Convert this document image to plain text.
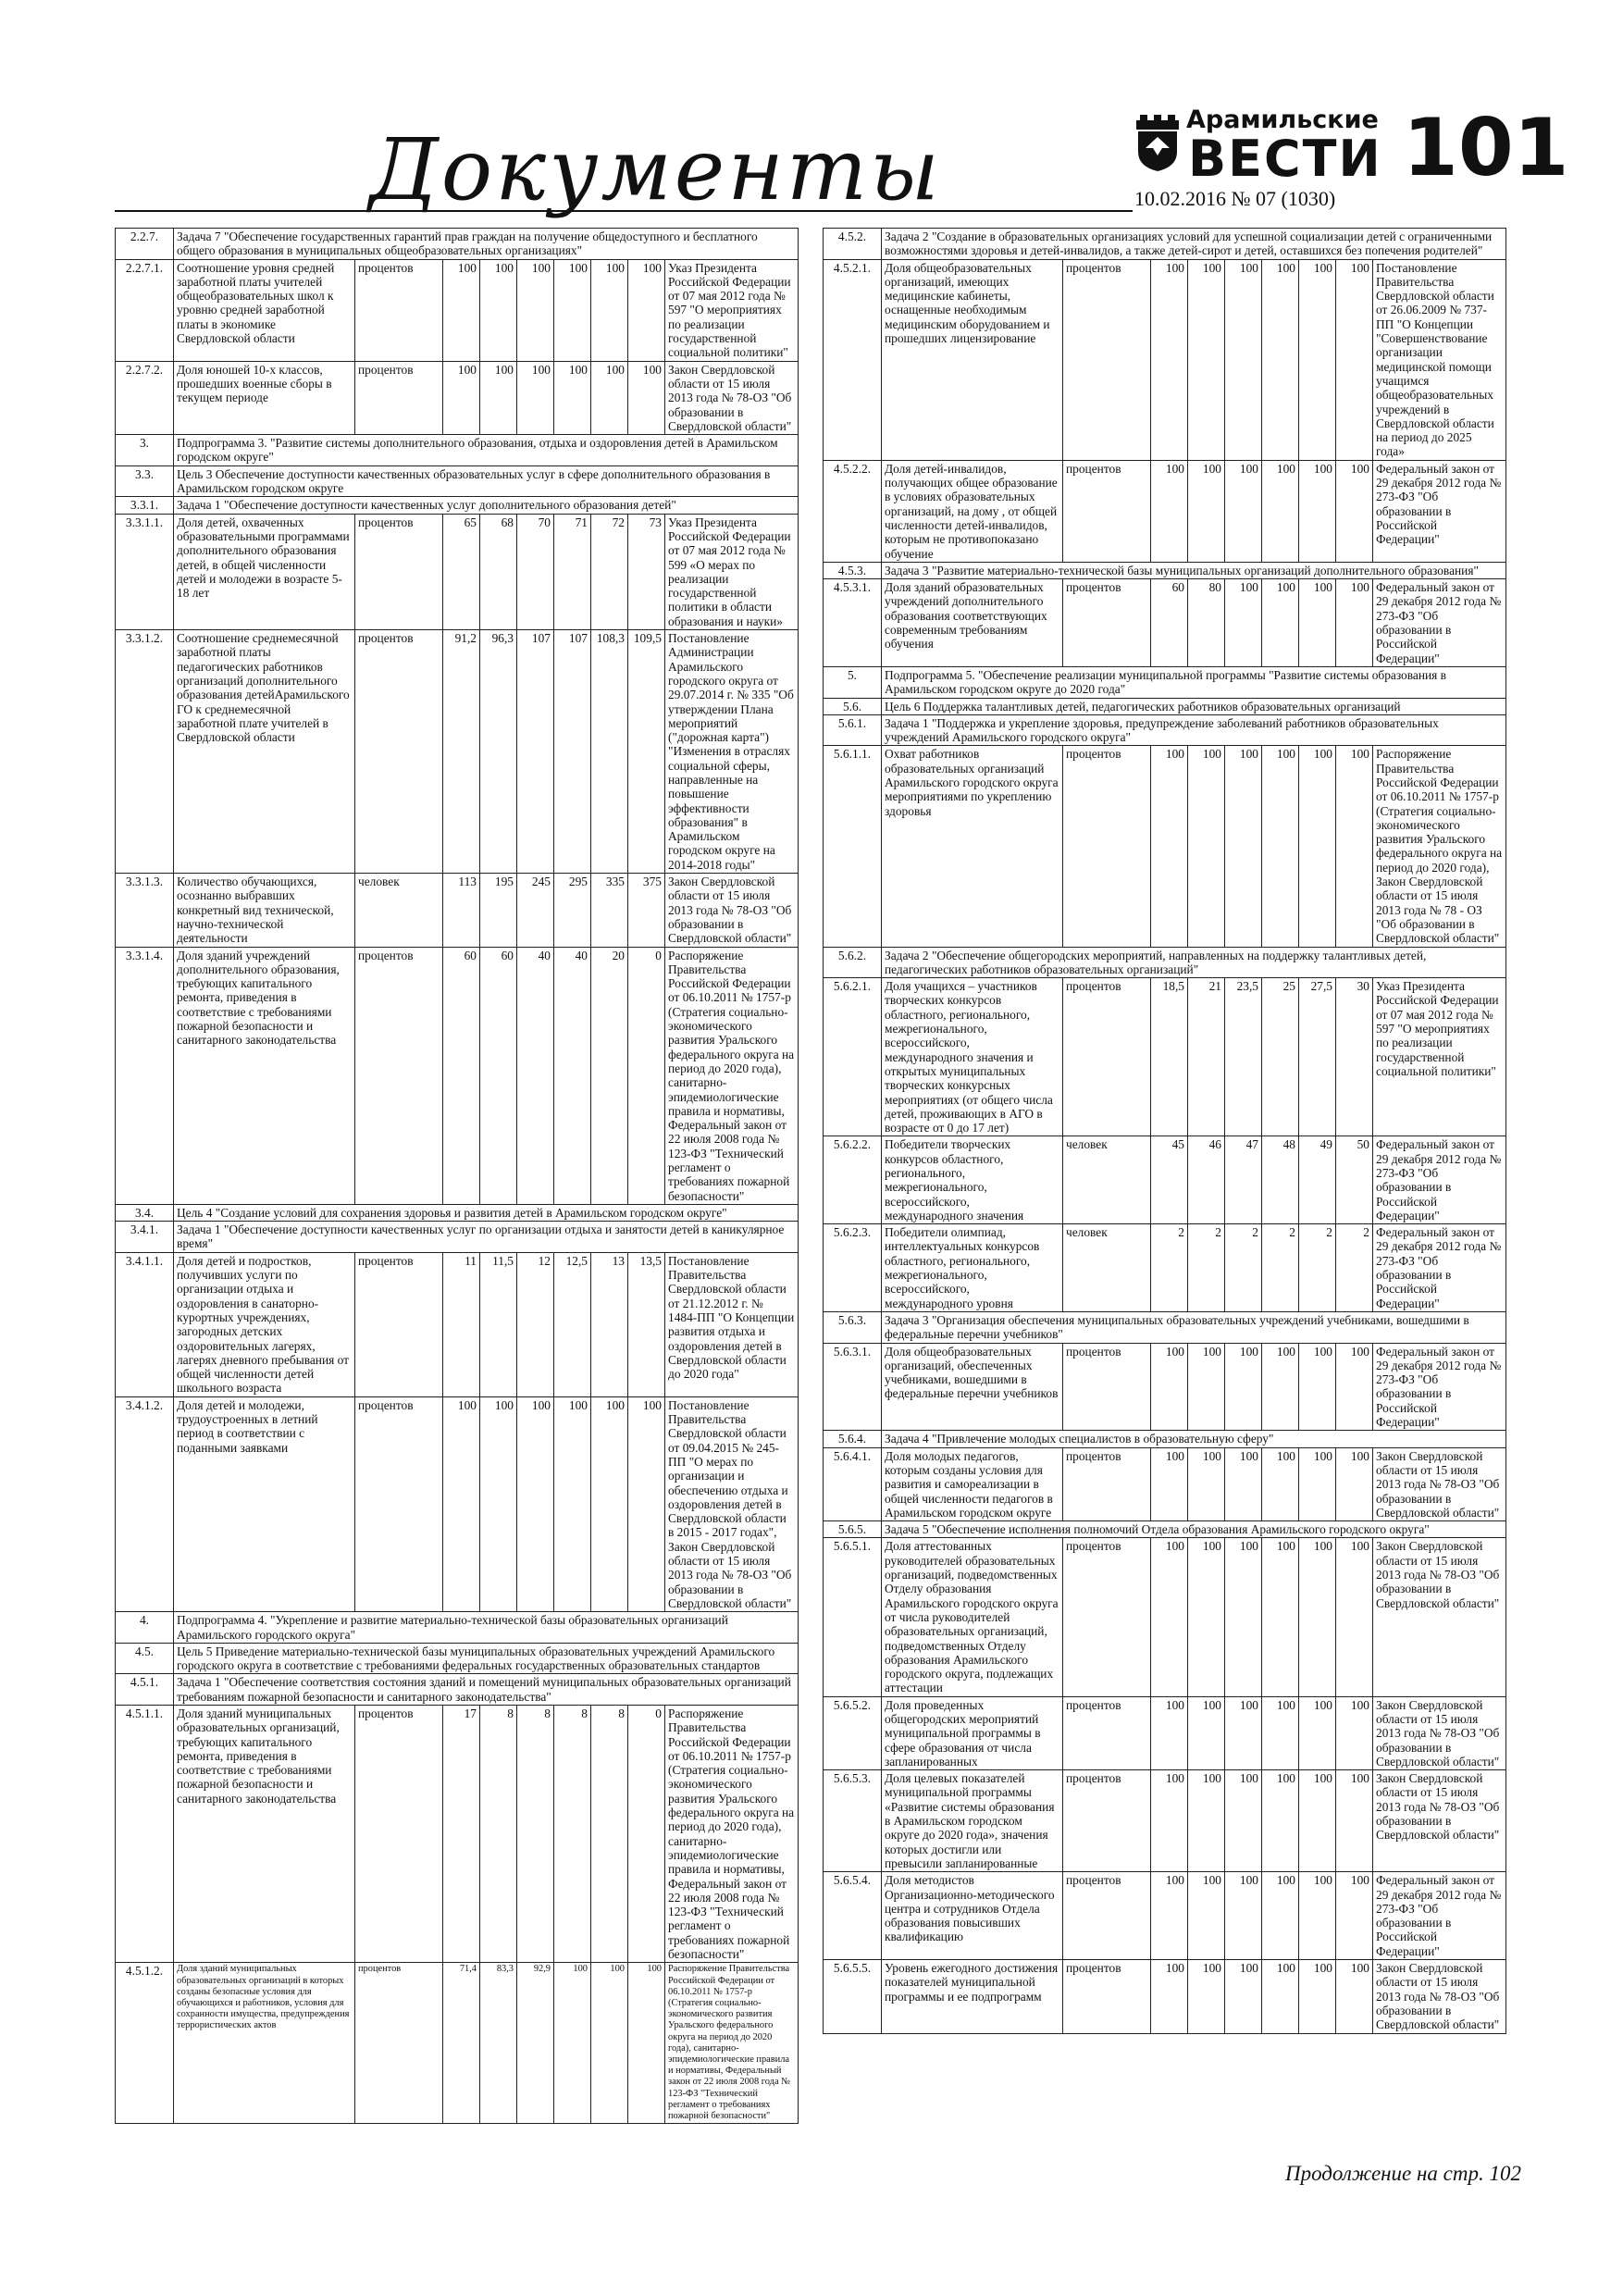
Документы
Арамильские
ВЕСТИ 101
10.02.2016 № 07 (1030)
2.2.7.	Задача 7 "Обеспечение государственных гарантий прав граждан на получение общедоступного и бесплатного общего образования в муниципальных общеобразовательных организациях"								
2.2.7.1.	Соотношение уровня средней заработной платы учителей общеобразовательных школ к уровню средней заработной платы в экономике Свердловской области	процентов	100	100	100	100	100	100	Указ Президента Российской Федерации от 07 мая 2012 года № 597 "О мероприятиях по реализации государственной социальной политики"
2.2.7.2.	Доля юношей 10-х классов, прошедших военные сборы в текущем периоде	процентов	100	100	100	100	100	100	Закон Свердловской области от 15 июля 2013 года № 78-ОЗ "Об образовании в Свердловской области"
3.	Подпрограмма 3. "Развитие системы дополнительного образования, отдыха и оздоровления детей в Арамильском городском округе"								
3.3.	Цель 3 Обеспечение доступности качественных образовательных услуг в сфере дополнительного образования в Арамильском городском округе								
3.3.1.	Задача 1 "Обеспечение доступности качественных услуг дополнительного образования детей"								
3.3.1.1.	Доля детей, охваченных образовательными программами дополнительного образования детей, в общей численности детей и молодежи в возрасте 5-18 лет	процентов	65	68	70	71	72	73	Указ Президента Российской Федерации от 07 мая 2012 года № 599 «О мерах по реализации государственной политики в области образования и науки»
3.3.1.2.	Соотношение среднемесячной заработной платы педагогических работников организаций дополнительного образования детейАрамильского ГО к среднемесячной заработной плате учителей в Свердловской области	процентов	91,2	96,3	107	107	108,3	109,5	Постановление Администрации Арамильского городского округа от 29.07.2014 г. № 335 "Об утверждении Плана мероприятий ("дорожная карта") "Изменения в отраслях социальной сферы, направленные на повышение эффективности образования" в Арамильском городском округе на 2014-2018 годы"
3.3.1.3.	Количество обучающихся, осознанно выбравших конкретный вид технической, научно-технической деятельности	человек	113	195	245	295	335	375	Закон Свердловской области от 15 июля 2013 года № 78-ОЗ "Об образовании в Свердловской области"
3.3.1.4.	Доля зданий учреждений дополнительного образования, требующих капитального ремонта, приведения в соответствие с требованиями пожарной безопасности и санитарного законодательства	процентов	60	60	40	40	20	0	Распоряжение Правительства Российской Федерации от 06.10.2011 № 1757-р (Стратегия социально-экономического развития Уральского федерального округа на период до 2020 года), санитарно-эпидемиологические правила и нормативы, Федеральный закон от 22 июля 2008 года № 123-ФЗ "Технический регламент о требованиях пожарной безопасности"
3.4.	Цель 4 "Создание условий для сохранения здоровья и развития детей в Арамильском городском округе"								
3.4.1.	Задача 1 "Обеспечение доступности качественных услуг по организации отдыха и занятости детей в каникулярное время"								
3.4.1.1.	Доля детей и подростков, получивших услуги по организации отдыха и оздоровления в санаторно- курортных учреждениях, загородных детских оздоровительных лагерях, лагерях дневного пребывания от общей численности детей школьного возраста	процентов	11	11,5	12	12,5	13	13,5	Постановление Правительства Свердловской области от 21.12.2012 г. № 1484-ПП "О Концепции развития отдыха и оздоровления детей в Свердловской области до 2020 года"
3.4.1.2.	Доля детей и молодежи, трудоустроенных в летний период в соответствии с поданными заявками	процентов	100	100	100	100	100	100	Постановление Правительства Свердловской области от 09.04.2015 № 245-ПП "О мерах по организации и обеспечению отдыха и оздоровления детей в Свердловской области в 2015 - 2017 годах", Закон Свердловской области от 15 июля 2013 года № 78-ОЗ "Об образовании в Свердловской области"
4.	Подпрограмма 4. "Укрепление и развитие материально-технической базы образовательных организаций Арамильского городского округа"								
4.5.	Цель 5 Приведение материально-технической базы муниципальных образовательных учреждений Арамильского городского округа в соответствие с требованиями федеральных государственных образовательных стандартов								
4.5.1.	Задача 1 "Обеспечение соответствия состояния зданий и помещений муниципальных образовательных организаций требованиям пожарной безопасности и санитарного законодательства"								
4.5.1.1.	Доля зданий муниципальных образовательных организаций, требующих капитального ремонта, приведения в соответствие с требованиями пожарной безопасности и санитарного законодательства	процентов	17	8	8	8	8	0	Распоряжение Правительства Российской Федерации от 06.10.2011 № 1757-р (Стратегия социально-экономического развития Уральского федерального округа на период до 2020 года), санитарно-эпидемиологические правила и нормативы, Федеральный закон от 22 июля 2008 года № 123-ФЗ "Технический регламент о требованиях пожарной безопасности"
4.5.1.2.	Доля зданий муниципальных образовательных организаций в которых созданы безопасные условия для обучающихся и работников, условия для сохранности имущества, предупреждения террористических актов	процентов	71,4	83,3	92,9	100	100	100	Распоряжение Правительства Российской Федерации от 06.10.2011 № 1757-р (Стратегия социально-экономического развития Уральского федерального округа на период до 2020 года), санитарно-эпидемиологические правила и нормативы, Федеральный закон от 22 июля 2008 года № 123-ФЗ "Технический регламент о требованиях пожарной безопасности"
4.5.2.	Задача 2 "Создание в образовательных организациях условий для успешной социализации детей с ограниченными возможностями здоровья и детей-инвалидов, а также детей-сирот и детей, оставшихся без попечения родителей"								
4.5.2.1.	Доля общеобразовательных организаций, имеющих медицинские кабинеты, оснащенные необходимым медицинским оборудованием и прошедших лицензирование	процентов	100	100	100	100	100	100	Постановление Правительства Свердловской области от 26.06.2009 № 737-ПП "О Концепции "Совершенствование организации медицинской помощи учащимся общеобразовательных учреждений в Свердловской области на период до 2025 года»
4.5.2.2.	Доля детей-инвалидов, получающих общее образование в условиях образовательных организаций, на дому , от общей численности детей-инвалидов, которым не противопоказано обучение	процентов	100	100	100	100	100	100	Федеральный закон от 29 декабря 2012 года № 273-ФЗ "Об образовании в Российской Федерации"
4.5.3.	Задача 3 "Развитие материально-технической базы муниципальных организаций дополнительного образования"								
4.5.3.1.	Доля зданий образовательных учреждений дополнительного образования соответствующих современным требованиям обучения	процентов	60	80	100	100	100	100	Федеральный закон от 29 декабря 2012 года № 273-ФЗ "Об образовании в Российской Федерации"
5.	Подпрограмма 5. "Обеспечение реализации муниципальной программы "Развитие системы образования в Арамильском городском округе до 2020 года"								
5.6.	Цель 6 Поддержка талантливых детей, педагогических работников образовательных организаций								
5.6.1.	Задача 1 "Поддержка и укрепление здоровья, предупреждение заболеваний работников образовательных учреждений Арамильского городского округа"								
5.6.1.1.	Охват работников образовательных организаций Арамильского городского округа мероприятиями по укреплению здоровья	процентов	100	100	100	100	100	100	Распоряжение Правительства Российской Федерации от 06.10.2011 № 1757-р (Стратегия социально-экономического развития Уральского федерального округа на период до 2020 года), Закон Свердловской области от 15 июля 2013 года № 78 - ОЗ "Об образовании в Свердловской области"
5.6.2.	Задача 2 "Обеспечение общегородских мероприятий, направленных на поддержку талантливых детей, педагогических работников образовательных организаций"								
5.6.2.1.	Доля учащихся – участников творческих конкурсов областного, регионального, межрегионального, всероссийского, международного значения и открытых муниципальных творческих конкурсных мероприятиях (от общего числа детей, проживающих в АГО в возрасте от 0 до 17 лет)	процентов	18,5	21	23,5	25	27,5	30	Указ Президента Российской Федерации от 07 мая 2012 года № 597 "О мероприятиях по реализации государственной социальной политики"
5.6.2.2.	Победители творческих конкурсов областного, регионального, межрегионального, всероссийского, международного значения	человек	45	46	47	48	49	50	Федеральный закон от 29 декабря 2012 года № 273-ФЗ "Об образовании в Российской Федерации"
5.6.2.3.	Победители олимпиад, интеллектуальных конкурсов областного, регионального, межрегионального, всероссийского, международного уровня	человек	2	2	2	2	2	2	Федеральный закон от 29 декабря 2012 года № 273-ФЗ "Об образовании в Российской Федерации"
5.6.3.	Задача 3 "Организация обеспечения муниципальных образовательных учреждений учебниками, вошедшими в федеральные перечни учебников"								
5.6.3.1.	Доля общеобразовательных организаций, обеспеченных учебниками, вошедшими в федеральные перечни учебников	процентов	100	100	100	100	100	100	Федеральный закон от 29 декабря 2012 года № 273-ФЗ "Об образовании в Российской Федерации"
5.6.4.	Задача 4 "Привлечение молодых специалистов в образовательную сферу"								
5.6.4.1.	Доля молодых педагогов, которым созданы условия для развития и самореализации в общей численности педагогов в Арамильском городском округе	процентов	100	100	100	100	100	100	Закон Свердловской области от 15 июля 2013 года № 78-ОЗ "Об образовании в Свердловской области"
5.6.5.	Задача 5 "Обеспечение исполнения полномочий Отдела образования Арамильского городского округа"								
5.6.5.1.	Доля аттестованных руководителей образовательных организаций, подведомственных Отделу образования Арамильского городского округа от числа руководителей образовательных организаций, подведомственных Отделу образования Арамильского городского округа, подлежащих аттестации	процентов	100	100	100	100	100	100	Закон Свердловской области от 15 июля 2013 года № 78-ОЗ "Об образовании в Свердловской области"
5.6.5.2.	Доля проведенных общегородских мероприятий муниципальной программы в сфере образования от числа запланированных	процентов	100	100	100	100	100	100	Закон Свердловской области от 15 июля 2013 года № 78-ОЗ "Об образовании в Свердловской области"
5.6.5.3.	Доля целевых показателей муниципальной программы «Развитие системы образования в Арамильском городском округе до 2020 года», значения которых достигли или превысили запланированные	процентов	100	100	100	100	100	100	Закон Свердловской области от 15 июля 2013 года № 78-ОЗ "Об образовании в Свердловской области"
5.6.5.4.	Доля методистов Организационно-методического центра и сотрудников Отдела образования повысивших квалификацию	процентов	100	100	100	100	100	100	Федеральный закон от 29 декабря 2012 года № 273-ФЗ "Об образовании в Российской Федерации"
5.6.5.5.	Уровень ежегодного достижения показателей муниципальной программы и ее подпрограмм	процентов	100	100	100	100	100	100	Закон Свердловской области от 15 июля 2013 года № 78-ОЗ "Об образовании в Свердловской области"
Продолжение на стр. 102
